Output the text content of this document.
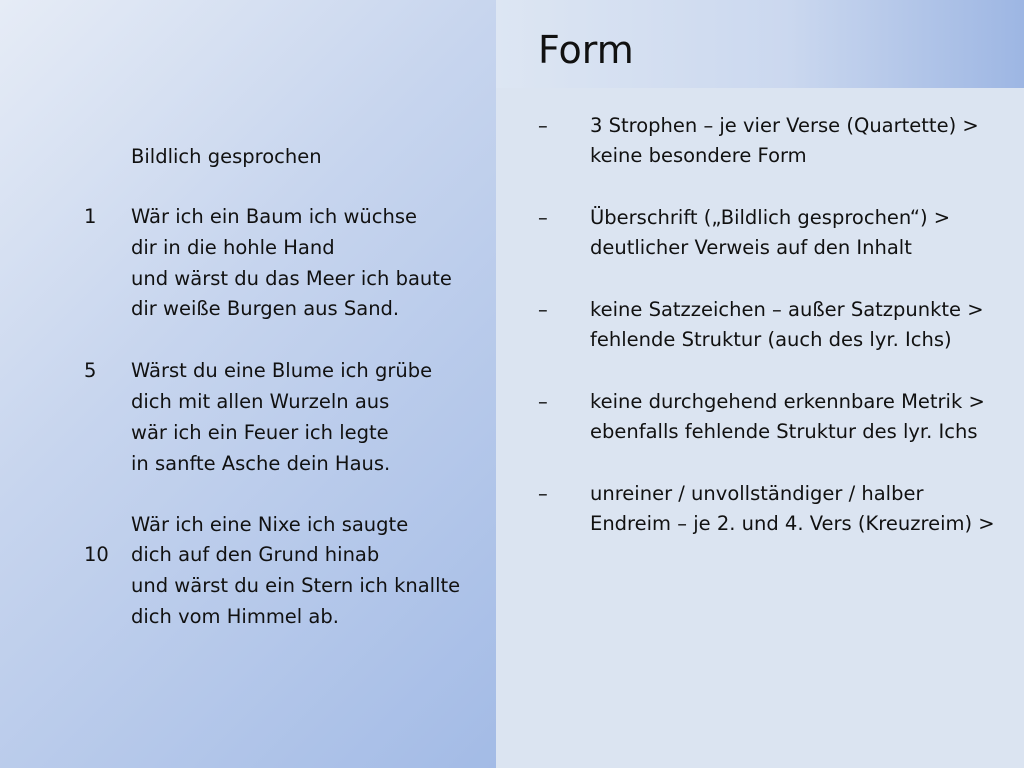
Form
Bildlich gesprochen
1 Wär ich ein Baum ich wüchse
dir in die hohle Hand
und wärst du das Meer ich baute
dir weiße Burgen aus Sand.
5 Wärst du eine Blume ich grübe
dich mit allen Wurzeln aus
wär ich ein Feuer ich legte
in sanfte Asche dein Haus.
Wär ich eine Nixe ich saugte
10 dich auf den Grund hinab
und wärst du ein Stern ich knallte
dich vom Himmel ab.
– 3 Strophen – je vier Verse (Quartette) >
keine besondere Form
– Überschrift („Bildlich gesprochen“) >
deutlicher Verweis auf den Inhalt
– keine Satzzeichen – außer Satzpunkte >
fehlende Struktur (auch des lyr. Ichs)
– keine durchgehend erkennbare Metrik >
ebenfalls fehlende Struktur des lyr. Ichs
– unreiner / unvollständiger / halber
Endreim – je 2. und 4. Vers (Kreuzreim) >
